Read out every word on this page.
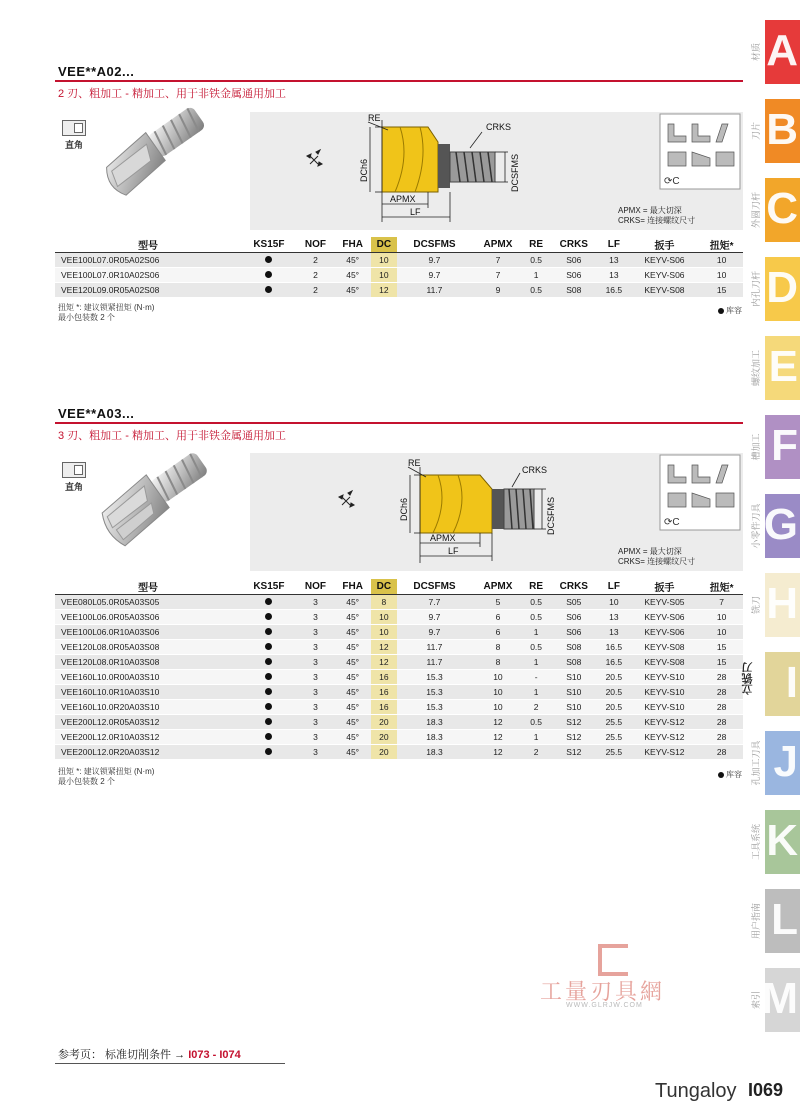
VEE**A02...
2 刃、粗加工 - 精加工、用于非铁金属通用加工
直角
RE
CRKS
DCh6	DCSFMS
APMX
LF
⟳C
APMX = 最大切深
CRKS= 连接螺纹尺寸
型号	KS15F	NOF	FHA	DC	DCSFMS	APMX	RE	CRKS	LF	扳手	扭矩*
VEE100L07.0R05A02S06		2	45°	10	9.7	7	0.5	S06	13	KEYV-S06	10
VEE100L07.0R10A02S06		2	45°	10	9.7	7	1	S06	13	KEYV-S06	10
VEE120L09.0R05A02S08		2	45°	12	11.7	9	0.5	S08	16.5	KEYV-S08	15
扭矩 *: 建议锁紧扭矩 (N·m)
最小包装数 2 个
库容
VEE**A03...
3 刃、粗加工 - 精加工、用于非铁金属通用加工
直角
RE
CRKS
DCh6	DCSFMS
APMX
LF
⟳C
APMX = 最大切深
CRKS= 连接螺纹尺寸
型号	KS15F	NOF	FHA	DC	DCSFMS	APMX	RE	CRKS	LF	扳手	扭矩*
VEE080L05.0R05A03S05		3	45°	8	7.7	5	0.5	S05	10	KEYV-S05	7
VEE100L06.0R05A03S06		3	45°	10	9.7	6	0.5	S06	13	KEYV-S06	10
VEE100L06.0R10A03S06		3	45°	10	9.7	6	1	S06	13	KEYV-S06	10
VEE120L08.0R05A03S08		3	45°	12	11.7	8	0.5	S08	16.5	KEYV-S08	15
VEE120L08.0R10A03S08		3	45°	12	11.7	8	1	S08	16.5	KEYV-S08	15
VEE160L10.0R00A03S10		3	45°	16	15.3	10	-	S10	20.5	KEYV-S10	28
VEE160L10.0R10A03S10		3	45°	16	15.3	10	1	S10	20.5	KEYV-S10	28
VEE160L10.0R20A03S10		3	45°	16	15.3	10	2	S10	20.5	KEYV-S10	28
VEE200L12.0R05A03S12		3	45°	20	18.3	12	0.5	S12	25.5	KEYV-S12	28
VEE200L12.0R10A03S12		3	45°	20	18.3	12	1	S12	25.5	KEYV-S12	28
VEE200L12.0R20A03S12		3	45°	20	18.3	12	2	S12	25.5	KEYV-S12	28
扭矩 *: 建议锁紧扭矩 (N·m)
最小包装数 2 个
库容
A
材质
B
刀片
C
外圆刀杆
D
内孔刀杆
E
螺纹加工
F
槽加工
G
小零件刀具
H
铣刀
I
J
孔加工刀具
K
工具系统
L
用户指南
M
索引
工量刃具網
WWW.GLRJW.COM
参考页： 标准切削条件 → I073 - I074
Tungaloy I069
立铣刀
